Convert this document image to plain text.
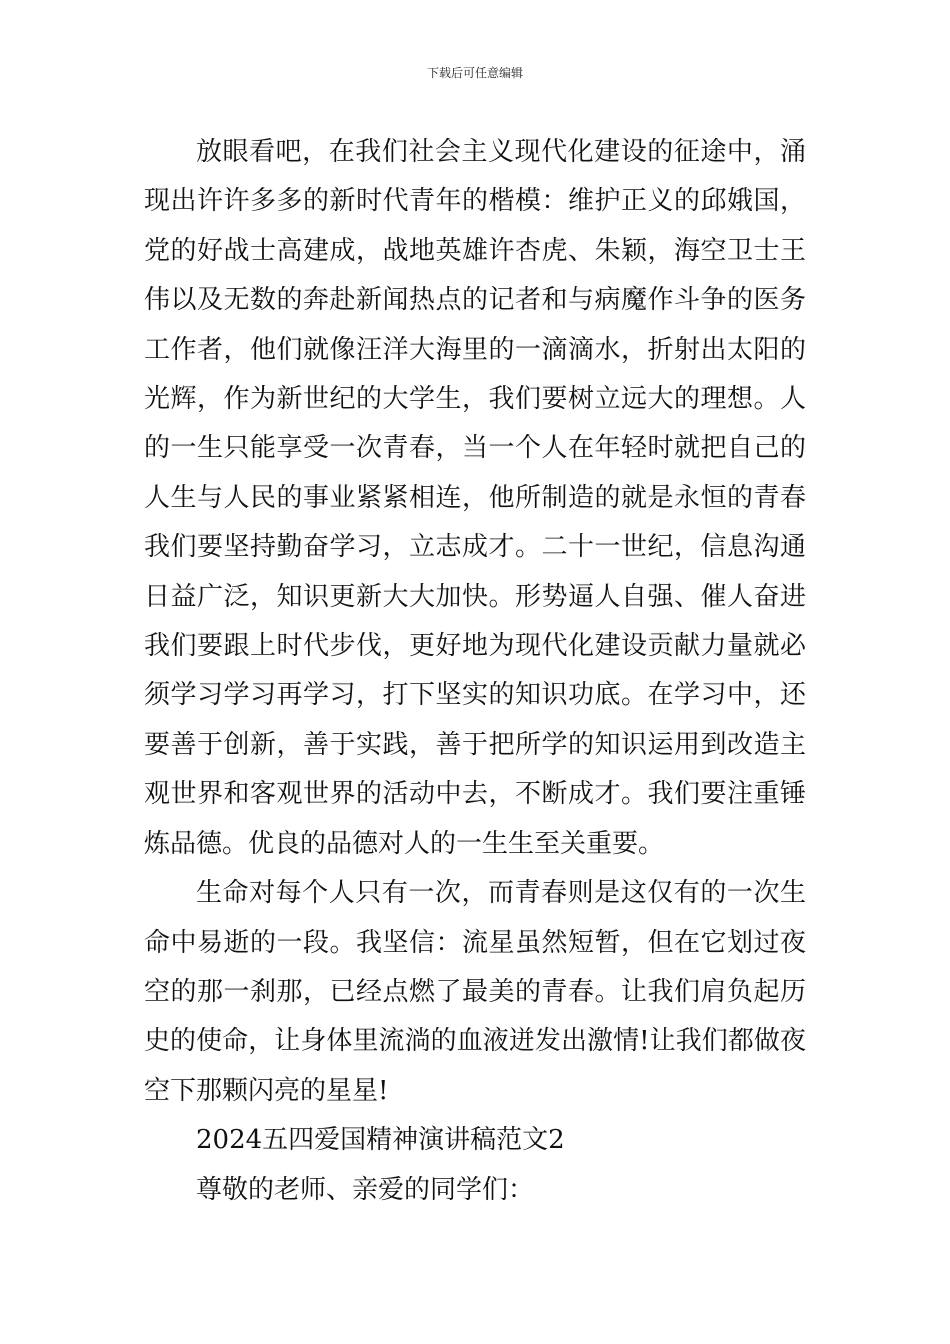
下载后可任意编辑

放眼看吧，在我们社会主义现代化建设的征途中，涌现出许许多多的新时代青年的楷模：维护正义的邱娥国，党的好战士高建成，战地英雄许杏虎、朱颖，海空卫士王伟以及无数的奔赴新闻热点的记者和与病魔作斗争的医务工作者，他们就像汪洋大海里的一滴滴水，折射出太阳的光辉，作为新世纪的大学生，我们要树立远大的理想。人的一生只能享受一次青春，当一个人在年轻时就把自己的人生与人民的事业紧紧相连，他所制造的就是永恒的青春我们要坚持勤奋学习，立志成才。二十一世纪，信息沟通日益广泛，知识更新大大加快。形势逼人自强、催人奋进我们要跟上时代步伐，更好地为现代化建设贡献力量就必须学习学习再学习，打下坚实的知识功底。在学习中，还要善于创新，善于实践，善于把所学的知识运用到改造主观世界和客观世界的活动中去，不断成才。我们要注重锤炼品德。优良的品德对人的一生生至关重要。

生命对每个人只有一次，而青春则是这仅有的一次生命中易逝的一段。我坚信：流星虽然短暂，但在它划过夜空的那一刹那，已经点燃了最美的青春。让我们肩负起历史的使命，让身体里流淌的血液迸发出激情!让我们都做夜空下那颗闪亮的星星!

2024五四爱国精神演讲稿范文2

尊敬的老师、亲爱的同学们：
